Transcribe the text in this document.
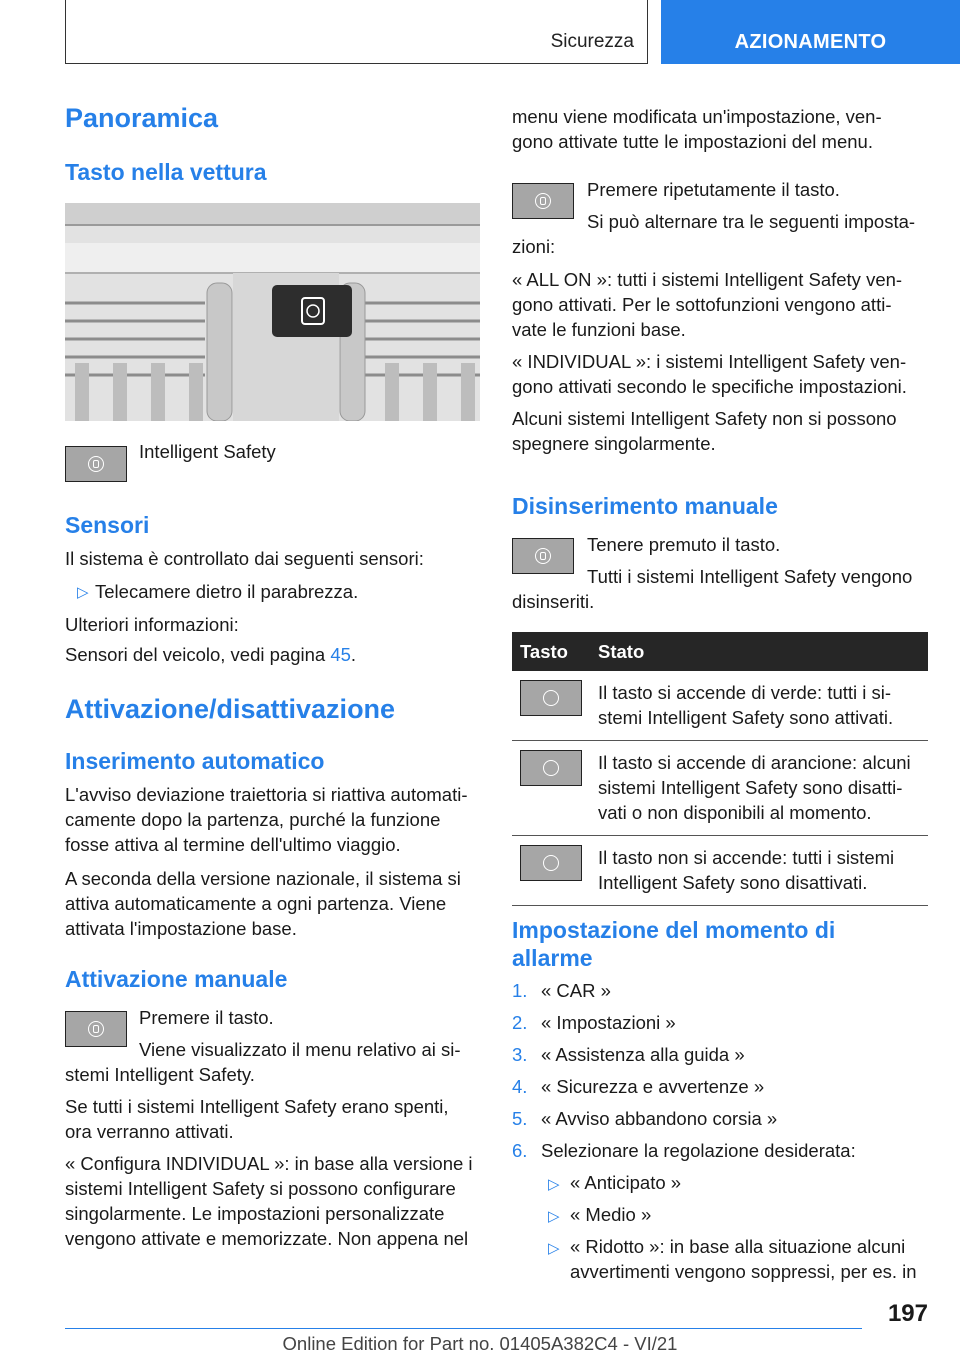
Sicurezza	AZIONAMENTO
Panoramica
Tasto nella vettura
Intelligent Safety
Sensori
Il sistema è controllato dai seguenti sensori:
▷ Telecamere dietro il parabrezza.
Ulteriori informazioni:
Sensori del veicolo, vedi pagina 45.
Attivazione/disattivazione
Inserimento automatico
L'avviso deviazione traiettoria si riattiva automati-
camente dopo la partenza, purché la funzione
fosse attiva al termine dell'ultimo viaggio.
A seconda della versione nazionale, il sistema si
attiva automaticamente a ogni partenza. Viene
attivata l'impostazione base.
Attivazione manuale
Premere il tasto.
Viene visualizzato il menu relativo ai si-
stemi Intelligent Safety.
Se tutti i sistemi Intelligent Safety erano spenti,
ora verranno attivati.
« Configura INDIVIDUAL »: in base alla versione i
sistemi Intelligent Safety si possono configurare
singolarmente. Le impostazioni personalizzate
vengono attivate e memorizzate. Non appena nel
menu viene modificata un'impostazione, ven-
gono attivate tutte le impostazioni del menu.
Premere ripetutamente il tasto.
Si può alternare tra le seguenti imposta-
zioni:
« ALL ON »: tutti i sistemi Intelligent Safety ven-
gono attivati. Per le sottofunzioni vengono atti-
vate le funzioni base.
« INDIVIDUAL »: i sistemi Intelligent Safety ven-
gono attivati secondo le specifiche impostazioni.
Alcuni sistemi Intelligent Safety non si possono
spegnere singolarmente.
Disinserimento manuale
Tenere premuto il tasto.
Tutti i sistemi Intelligent Safety vengono
disinseriti.
Tasto	Stato

	Il tasto si accende di verde: tutti i si-
stemi Intelligent Safety sono attivati.

	Il tasto si accende di arancione: alcuni
sistemi Intelligent Safety sono disatti-
vati o non disponibili al momento.

	Il tasto non si accende: tutti i sistemi
Intelligent Safety sono disattivati.
Impostazione del momento di
allarme
1. « CAR »
2. « Impostazioni »
3. « Assistenza alla guida »
4. « Sicurezza e avvertenze »
5. « Avviso abbandono corsia »
6. Selezionare la regolazione desiderata:
▷ « Anticipato »
▷ « Medio »
▷ « Ridotto »: in base alla situazione alcuni
avvertimenti vengono soppressi, per es. in
197
Online Edition for Part no. 01405A382C4 - VI/21
